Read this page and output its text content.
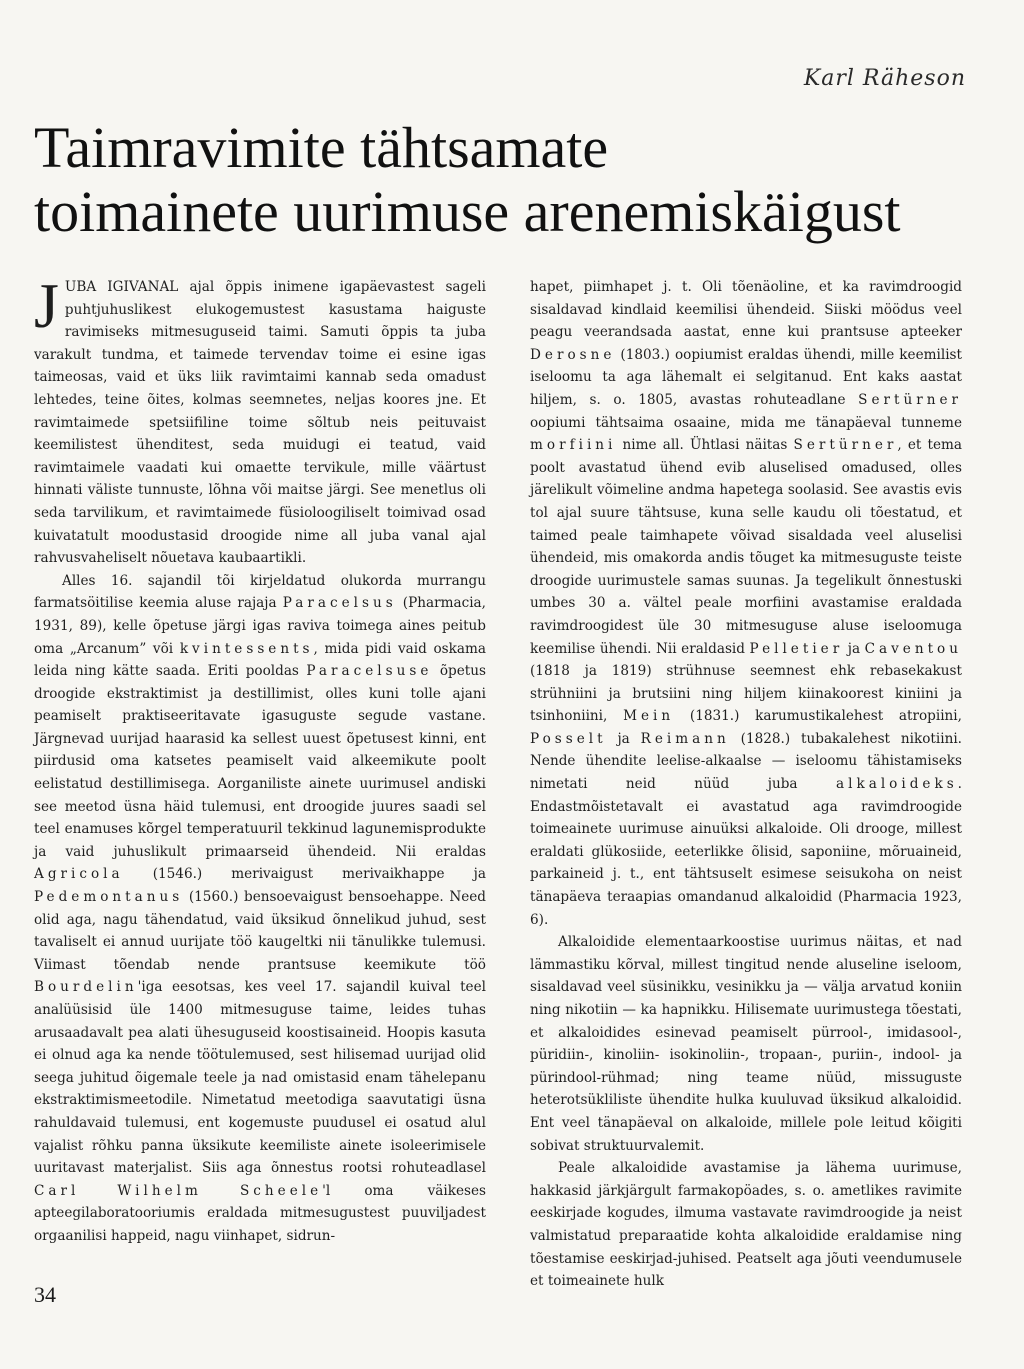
Karl Räheson
Taimravimite tähtsamate
toimainete uurimuse arenemiskäigust

JUBA IGIVANAL ajal õppis inimene igapäevastest sageli puhtjuhuslikest elukogemustest kasustama haiguste ravimiseks mitmesuguseid taimi. Samuti õppis ta juba varakult tundma, et taimede tervendav toime ei esine igas taimeosas, vaid et üks liik ravimtaimi kannab seda omadust lehtedes, teine õites, kolmas seemnetes, neljas koores jne. Et ravimtaimede spetsiifiline toime sõltub neis peituvaist keemilistest ühenditest, seda muidugi ei teatud, vaid ravimtaimele vaadati kui omaette tervikule, mille väärtust hinnati väliste tunnuste, lõhna või maitse järgi. See menetlus oli seda tarvilikum, et ravimtaimede füsioloogiliselt toimivad osad kuivatatult moodustasid droogide nime all juba vanal ajal rahvusvaheliselt nõuetava kaubaartikli.

Alles 16. sajandil tõi kirjeldatud olukorda murrangu farmatsöitilise keemia aluse rajaja Paracelsus (Pharmacia, 1931, 89), kelle õpetuse järgi igas raviva toimega aines peitub oma „Arcanum” või kvintessents, mida pidi vaid oskama leida ning kätte saada. Eriti pooldas Paracelsuse õpetus droogide ekstraktimist ja destillimist, olles kuni tolle ajani peamiselt praktiseeritavate igasuguste segude vastane. Järgnevad uurijad haarasid ka sellest uuest õpetusest kinni, ent piirdusid oma katsetes peamiselt vaid alkeemikute poolt eelistatud destillimisega. Aorganiliste ainete uurimusel andiski see meetod üsna häid tulemusi, ent droogide juures saadi sel teel enamuses kõrgel temperatuuril tekkinud lagunemisprodukte ja vaid juhuslikult primaarseid ühendeid. Nii eraldas Agricola (1546.) merivaigust merivaikhappe ja Pedemontanus (1560.) bensoevaigust bensoehappe. Need olid aga, nagu tähendatud, vaid üksikud õnnelikud juhud, sest tavaliselt ei annud uurijate töö kaugeltki nii tänulikke tulemusi. Viimast tõendab nende prantsuse keemikute töö Bourdelin'iga eesotsas, kes veel 17. sajandil kuival teel analüüsisid üle 1400 mitmesuguse taime, leides tuhas arusaadavalt pea alati ühesuguseid koostisaineid. Hoopis kasuta ei olnud aga ka nende töötulemused, sest hilisemad uurijad olid seega juhitud õigemale teele ja nad omistasid enam tähelepanu ekstraktimismeetodile. Nimetatud meetodiga saavutatigi üsna rahuldavaid tulemusi, ent kogemuste puudusel ei osatud alul vajalist rõhku panna üksikute keemiliste ainete isoleerimisele uuritavast materjalist. Siis aga õnnestus rootsi rohuteadlasel Carl Wilhelm Scheele'l oma väikeses apteegilaboratooriumis eraldada mitmesugustest puuviljadest orgaanilisi happeid, nagu viinhapet, sidrun-

hapet, piimhapet j. t. Oli tõenäoline, et ka ravimdroogid sisaldavad kindlaid keemilisi ühendeid. Siiski möödus veel peagu veerandsada aastat, enne kui prantsuse apteeker Derosne (1803.) oopiumist eraldas ühendi, mille keemilist iseloomu ta aga lähemalt ei selgitanud. Ent kaks aastat hiljem, s. o. 1805, avastas rohuteadlane Sertürner oopiumi tähtsaima osaaine, mida me tänapäeval tunneme morfiini nime all. Ühtlasi näitas Sertürner, et tema poolt avastatud ühend evib aluselised omadused, olles järelikult võimeline andma hapetega soolasid. See avastis evis tol ajal suure tähtsuse, kuna selle kaudu oli tõestatud, et taimed peale taimhapete võivad sisaldada veel aluselisi ühendeid, mis omakorda andis tõuget ka mitmesuguste teiste droogide uurimustele samas suunas. Ja tegelikult õnnestuski umbes 30 a. vältel peale morfiini avastamise eraldada ravimdroogidest üle 30 mitmesuguse aluse iseloomuga keemilise ühendi. Nii eraldasid Pelletier ja Caventou (1818 ja 1819) strühnuse seemnest ehk rebasekakust strühniini ja brutsiini ning hiljem kiinakoorest kiniini ja tsinhoniini, Mein (1831.) karumustikalehest atropiini, Posselt ja Reimann (1828.) tubakalehest nikotiini. Nende ühendite leelise-alkaalse — iseloomu tähistamiseks nimetati neid nüüd juba alkaloideks. Endastmõistetavalt ei avastatud aga ravimdroogide toimeainete uurimuse ainuüksi alkaloide. Oli drooge, millest eraldati glükosiide, eeterlikke õlisid, saponiine, mõruaineid, parkaineid j. t., ent tähtsuselt esimese seisukoha on neist tänapäeva teraapias omandanud alkaloidid (Pharmacia 1923, 6).

Alkaloidide elementaarkoostise uurimus näitas, et nad lämmastiku kõrval, millest tingitud nende aluseline iseloom, sisaldavad veel süsinikku, vesinikku ja — välja arvatud koniin ning nikotiin — ka hapnikku. Hilisemate uurimustega tõestati, et alkaloidides esinevad peamiselt pürrool-, imidasool-, püridiin-, kinoliin- isokinoliin-, tropaan-, puriin-, indool- ja pürindool-rühmad; ning teame nüüd, missuguste heterotsükliliste ühendite hulka kuuluvad üksikud alkaloidid. Ent veel tänapäeval on alkaloide, millele pole leitud kõigiti sobivat struktuurvalemit.

Peale alkaloidide avastamise ja lähema uurimuse, hakkasid järkjärgult farmakopöades, s. o. ametlikes ravimite eeskirjade kogudes, ilmuma vastavate ravimdroogide ja neist valmistatud preparaatide kohta alkaloidide eraldamise ning tõestamise eeskirjad-juhised. Peatselt aga jõuti veendumusele et toimeainete hulk

34
